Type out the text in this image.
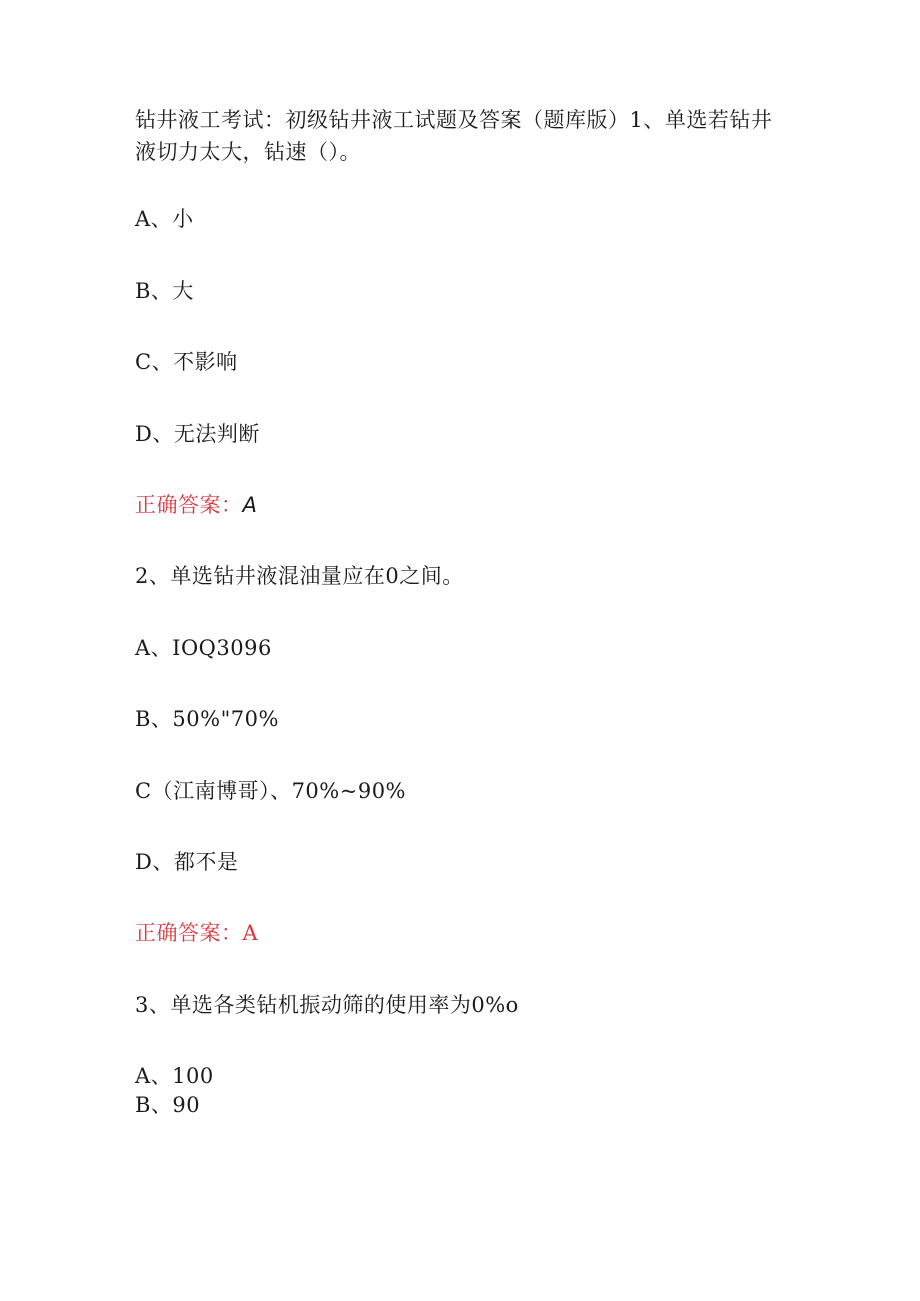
钻井液工考试：初级钻井液工试题及答案（题库版）1、单选若钻井
液切力太大，钻速（）。
A、小
B、大
C、不影响
D、无法判断
正确答案：A
2、单选钻井液混油量应在0之间。
A、IOQ3096
B、50%"70%
C（江南博哥）、70%~90%
D、都不是
正确答案：A
3、单选各类钻机振动筛的使用率为0%o
A、100
B、90
